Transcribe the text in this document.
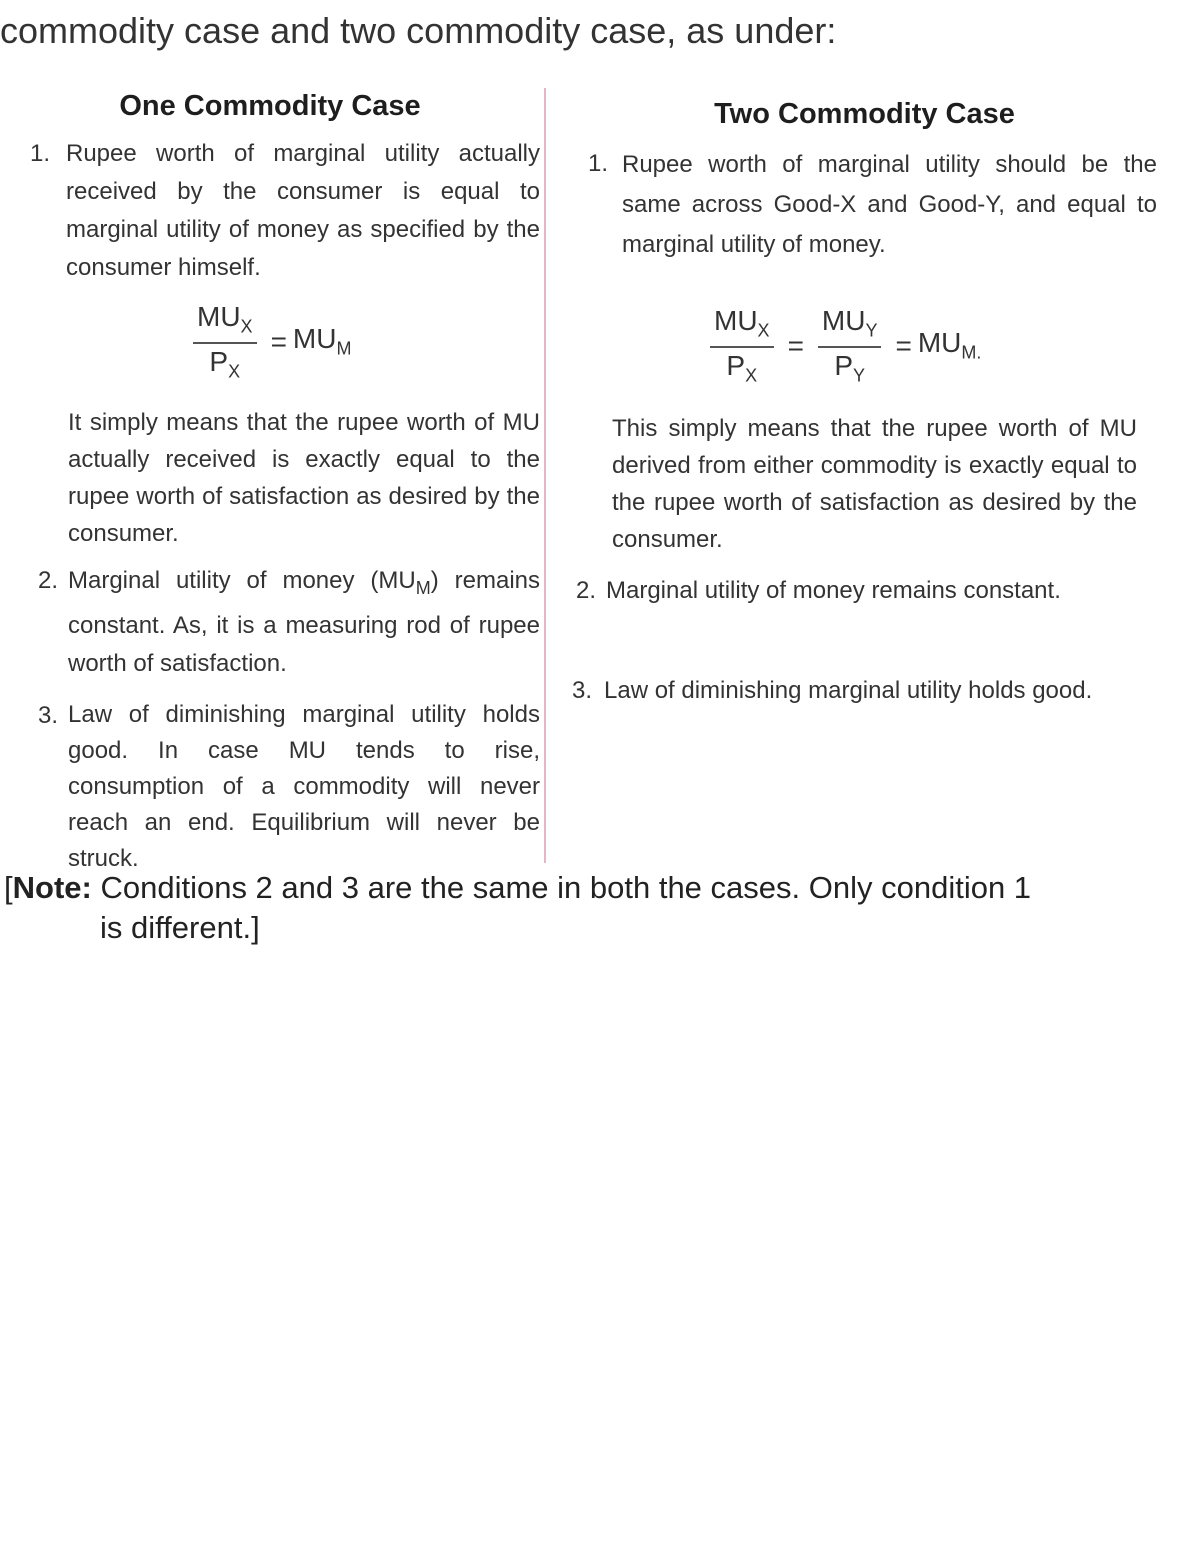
commodity case and two commodity case, as under:
One Commodity Case
1. Rupee worth of marginal utility actually received by the consumer is equal to marginal utility of money as specified by the consumer himself.
$\frac{MU_X}{P_X} = MU_M$
It simply means that the rupee worth of MU actually received is exactly equal to the rupee worth of satisfaction as desired by the consumer.
2. Marginal utility of money $(MU_M)$ remains constant. As, it is a measuring rod of rupee worth of satisfaction.
3. Law of diminishing marginal utility holds good. In case MU tends to rise, consumption of a commodity will never reach an end. Equilibrium will never be struck.
Two Commodity Case
1. Rupee worth of marginal utility should be the same across Good-X and Good-Y, and equal to marginal utility of money.
$\frac{MU_X}{P_X} = \frac{MU_Y}{P_Y} = MU_{M.}$
This simply means that the rupee worth of MU derived from either commodity is exactly equal to the rupee worth of satisfaction as desired by the consumer.
2. Marginal utility of money remains constant.
3. Law of diminishing marginal utility holds good.
[Note: Conditions 2 and 3 are the same in both the cases. Only condition 1
is different.]
